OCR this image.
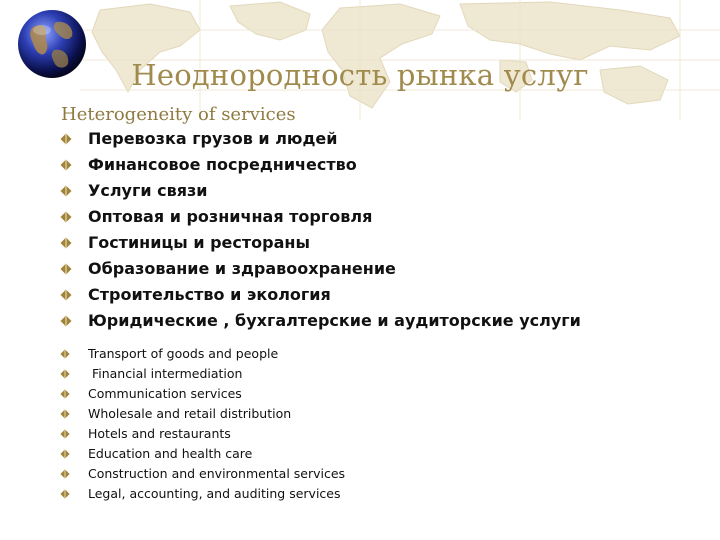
Неоднородность рынка услуг
Heterogeneity of services
Перевозка грузов и людей
Финансовое посредничество
Услуги связи
Оптовая и розничная торговля
Гостиницы и рестораны
Образование и здравоохранение
Строительство и экология
Юридические , бухгалтерские и аудиторские услуги
Transport of goods and people
Financial intermediation
Communication services
Wholesale and retail distribution
Hotels and restaurants
Education and health care
Construction and environmental services
Legal, accounting, and auditing services
